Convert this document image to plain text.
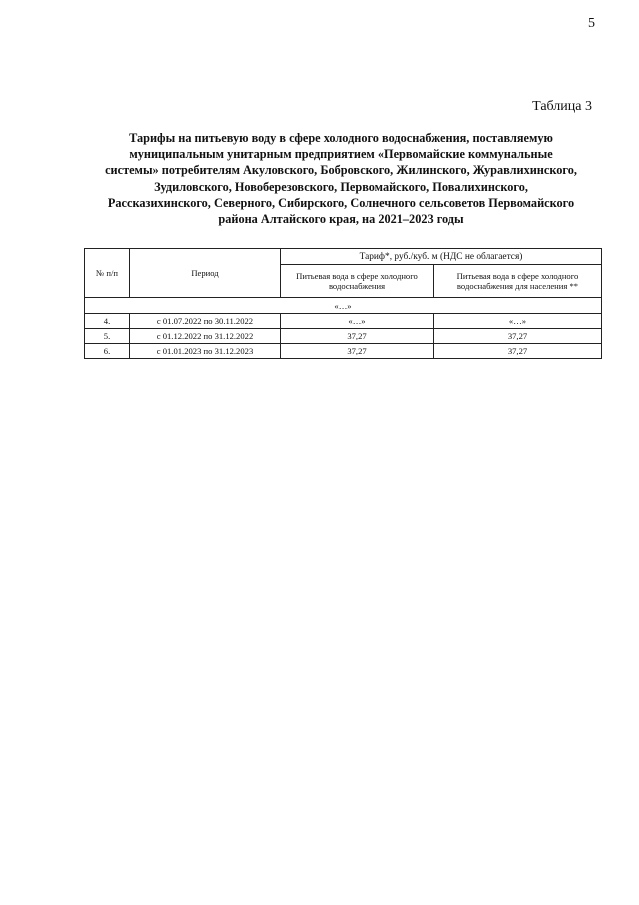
5
Таблица 3
Тарифы на питьевую воду в сфере холодного водоснабжения, поставляемую
муниципальным унитарным предприятием «Первомайские коммунальные
системы» потребителям Акуловского, Бобровского, Жилинского, Журавлихинского,
Зудиловского, Новоберезовского, Первомайского, Повалихинского,
Рассказихинского, Северного, Сибирского, Солнечного сельсоветов Первомайского
района Алтайского края, на 2021–2023 годы
№ п/п	Период	Тариф*, руб./куб. м (НДС не облагается)	
		Питьевая вода в сфере холодного водоснабжения	Питьевая вода в сфере холодного водоснабжения для населения **
«…»			
4.	с 01.07.2022 по 30.11.2022	«…»	«…»
5.	с 01.12.2022 по 31.12.2022	37,27	37,27
6.	с 01.01.2023 по 31.12.2023	37,27	37,27
